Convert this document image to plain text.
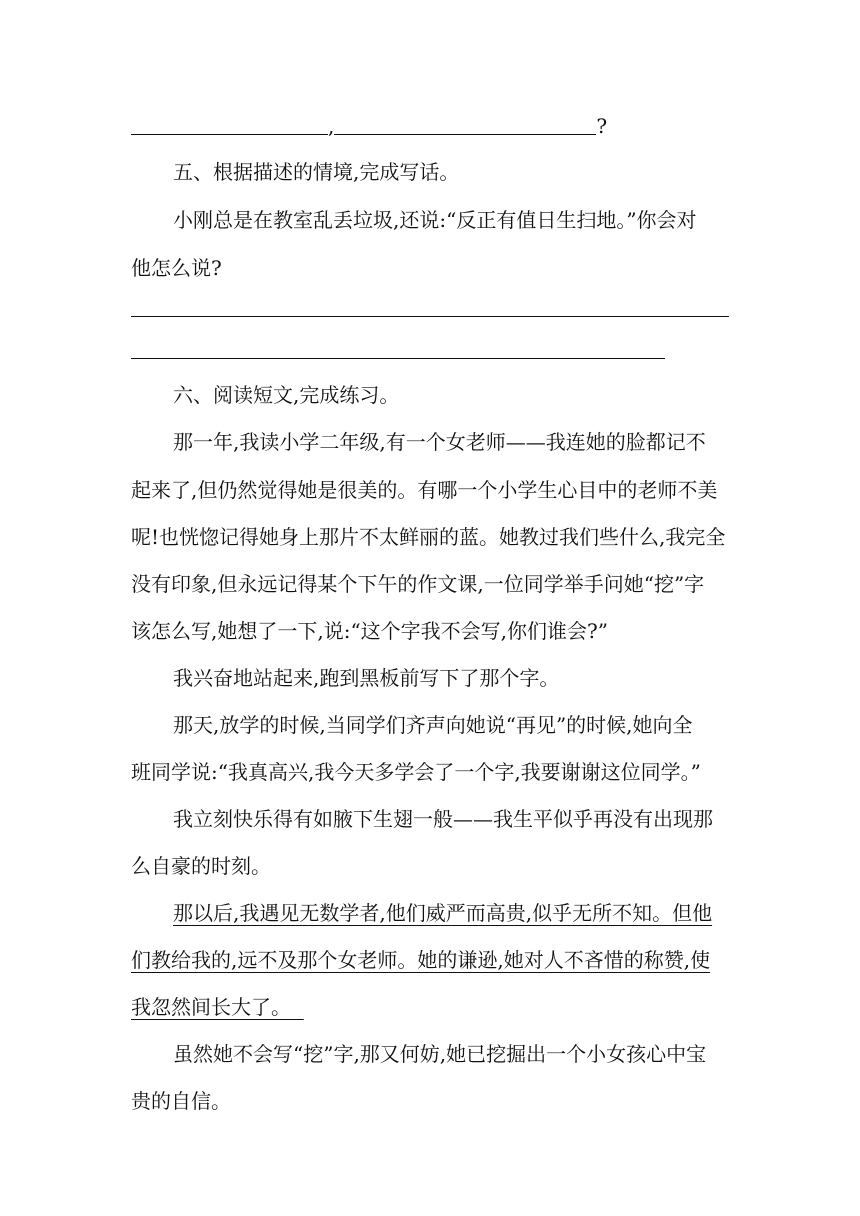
,	?
五、根据描述的情境,完成写话。
小刚总是在教室乱丢垃圾,还说:“反正有值日生扫地。”你会对
他怎么说?
六、阅读短文,完成练习。
那一年,我读小学二年级,有一个女老师——我连她的脸都记不
起来了,但仍然觉得她是很美的。有哪一个小学生心目中的老师不美
呢!也恍惚记得她身上那片不太鲜丽的蓝。她教过我们些什么,我完全
没有印象,但永远记得某个下午的作文课,一位同学举手问她“挖”字
该怎么写,她想了一下,说:“这个字我不会写,你们谁会?”
我兴奋地站起来,跑到黑板前写下了那个字。
那天,放学的时候,当同学们齐声向她说“再见”的时候,她向全
班同学说:“我真高兴,我今天多学会了一个字,我要谢谢这位同学。”
我立刻快乐得有如腋下生翅一般——我生平似乎再没有出现那
么自豪的时刻。
那以后,我遇见无数学者,他们威严而高贵,似乎无所不知。但他
们教给我的,远不及那个女老师。她的谦逊,她对人不吝惜的称赞,使
我忽然间长大了。
虽然她不会写“挖”字,那又何妨,她已挖掘出一个小女孩心中宝
贵的自信。
